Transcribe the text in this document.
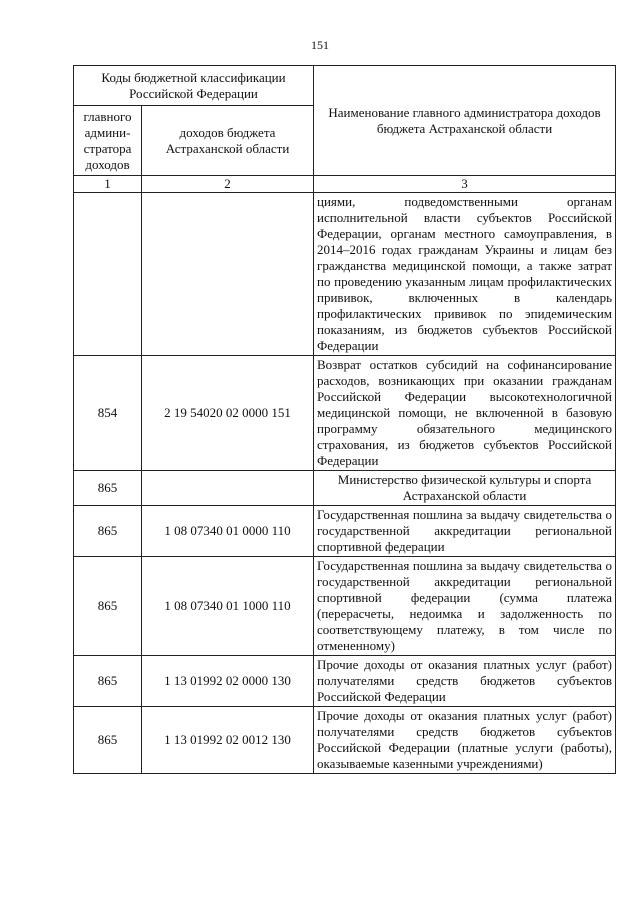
151
Коды бюджетной классификации Российской Федерации		Наименование главного администратора доходов бюджета Астраханской области
главного админи-стратора доходов	доходов бюджета Астраханской области	
1	2	3
		циями, подведомственными органам исполнительной власти субъектов Российской Федерации, органам местного самоуправления, в 2014–2016 годах гражданам Украины и лицам без гражданства медицинской помощи, а также затрат по проведению указанным лицам профилактических прививок, включенных в календарь профилактических прививок по эпидемическим показаниям, из бюджетов субъектов Российской Федерации
854	2 19 54020 02 0000 151	Возврат остатков субсидий на софинансирование расходов, возникающих при оказании гражданам Российской Федерации высокотехнологичной медицинской помощи, не включенной в базовую программу обязательного медицинского страхования, из бюджетов субъектов Российской Федерации
865		Министерство физической культуры и спорта Астраханской области
865	1 08 07340 01 0000 110	Государственная пошлина за выдачу свидетельства о государственной аккредитации региональной спортивной федерации
865	1 08 07340 01 1000 110	Государственная пошлина за выдачу свидетельства о государственной аккредитации региональной спортивной федерации (сумма платежа (перерасчеты, недоимка и задолженность по соответствующему платежу, в том числе по отмененному)
865	1 13 01992 02 0000 130	Прочие доходы от оказания платных услуг (работ) получателями средств бюджетов субъектов Российской Федерации
865	1 13 01992 02 0012 130	Прочие доходы от оказания платных услуг (работ) получателями средств бюджетов субъектов Российской Федерации (платные услуги (работы), оказываемые казенными учреждениями)
